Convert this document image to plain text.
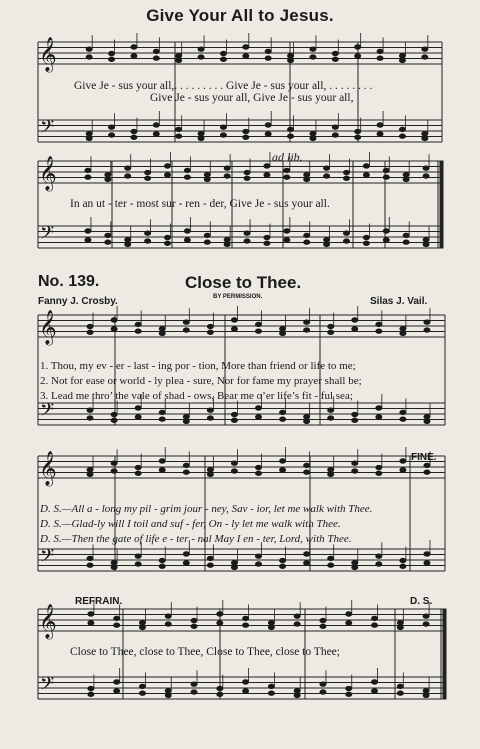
Give Your All to Jesus.
𝄞
𝄢
𝄞
𝄢
𝄞
𝄢
𝄞
𝄢
𝄞
𝄢
Give Je - sus your all,. . . . . . . . . Give Je - sus your all, . . . . . . . .
Give Je - sus your all, Give Je - sus your all,
ad lib.
In an ut - ter - most sur - ren - der, Give Je - sus your all.
No. 139.	Close to Thee.
Fanny J. Crosby.	BY PERMISSION.	Silas J. Vail.
1. Thou, my ev - er - last - ing por - tion, More than friend or life to me;
2. Not for ease or world - ly plea - sure, Nor for fame my prayer shall be;
3. Lead me thro’ the vale of shad - ows, Bear me o’er life’s fit - ful sea;
FINE.
D. S.—All a - long my pil - grim jour - ney, Sav - ior, let me walk with Thee.
D. S.—Glad-ly will I toil and suf - fer, On - ly let me walk with Thee.
D. S.—Then the gate of life e - ter - nal May I en - ter, Lord, with Thee.
REFRAIN.	D. S.
Close to Thee, close to Thee, Close to Thee, close to Thee;
